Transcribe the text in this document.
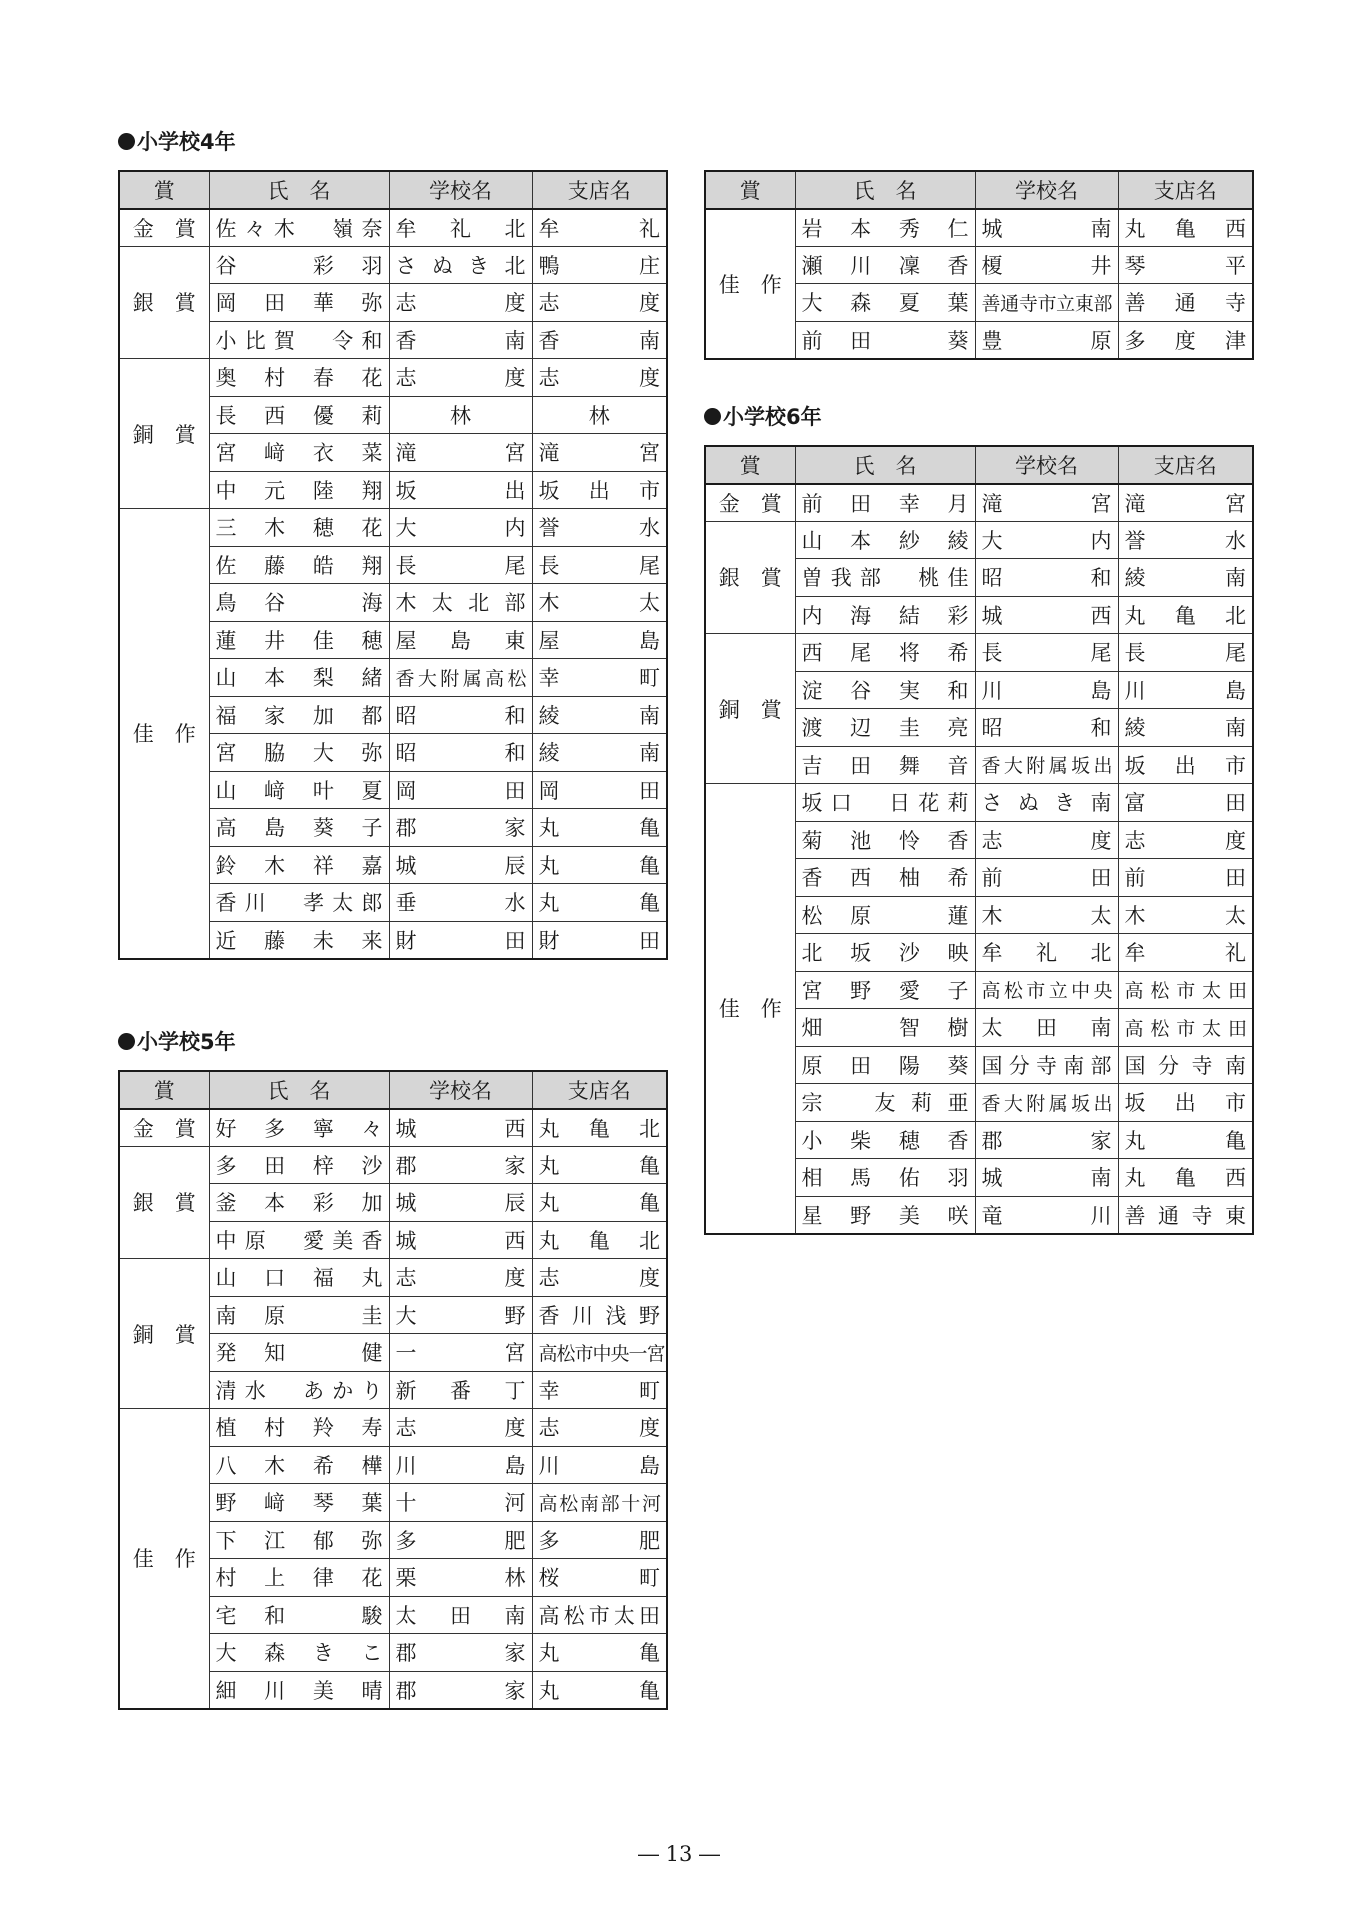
小学校4年
賞	氏　名	学校名	支店名
金　賞	佐々木　嶺奈	牟礼北	牟礼
銀　賞	谷　彩羽	さぬき北	鴨庄
	岡田華弥	志度	志度
	小比賀　令和	香南	香南
銅　賞	奥村春花	志度	志度
	長西優莉	林	林
	宮﨑衣菜	滝宮	滝宮
	中元陸翔	坂出	坂出市
佳　作	三木穂花	大内	誉水
	佐藤皓翔	長尾	長尾
	鳥谷　海	木太北部	木太
	蓮井佳穂	屋島東	屋島
	山本梨緒	香大附属高松	幸町
	福家加都	昭和	綾南
	宮脇大弥	昭和	綾南
	山﨑叶夏	岡田	岡田
	高島葵子	郡家	丸亀
	鈴木祥嘉	城辰	丸亀
	香川　孝太郎	垂水	丸亀
	近藤未来	財田	財田
小学校5年
賞	氏　名	学校名	支店名
金　賞	好多寧々	城西	丸亀北
銀　賞	多田梓沙	郡家	丸亀
	釜本彩加	城辰	丸亀
	中原　愛美香	城西	丸亀北
銅　賞	山口福丸	志度	志度
	南原　圭	大野	香川浅野
	発知　健	一宮	高松市中央一宮
	清水　あかり	新番丁	幸町
佳　作	植村羚寿	志度	志度
	八木希樺	川島	川島
	野﨑琴葉	十河	高松南部十河
	下江郁弥	多肥	多肥
	村上律花	栗林	桜町
	宅和　駿	太田南	高松市太田
	大森きこ	郡家	丸亀
	細川美晴	郡家	丸亀
賞	氏　名	学校名	支店名
佳　作	岩本秀仁	城南	丸亀西
	瀬川凜香	榎井	琴平
	大森夏葉	善通寺市立東部	善通寺
	前田　葵	豊原	多度津
小学校6年
賞	氏　名	学校名	支店名
金　賞	前田幸月	滝宮	滝宮
銀　賞	山本紗綾	大内	誉水
	曽我部　桃佳	昭和	綾南
	内海結彩	城西	丸亀北
銅　賞	西尾将希	長尾	長尾
	淀谷実和	川島	川島
	渡辺圭亮	昭和	綾南
	吉田舞音	香大附属坂出	坂出市
佳　作	坂口　日花莉	さぬき南	富田
	菊池怜香	志度	志度
	香西柚希	前田	前田
	松原　蓮	木太	木太
	北坂沙映	牟礼北	牟礼
	宮野愛子	高松市立中央	高松市太田
	畑　智樹	太田南	高松市太田
	原田陽葵	国分寺南部	国分寺南
	宗　友莉亜	香大附属坂出	坂出市
	小柴穂香	郡家	丸亀
	相馬佑羽	城南	丸亀西
	星野美咲	竜川	善通寺東
― 13 ―
